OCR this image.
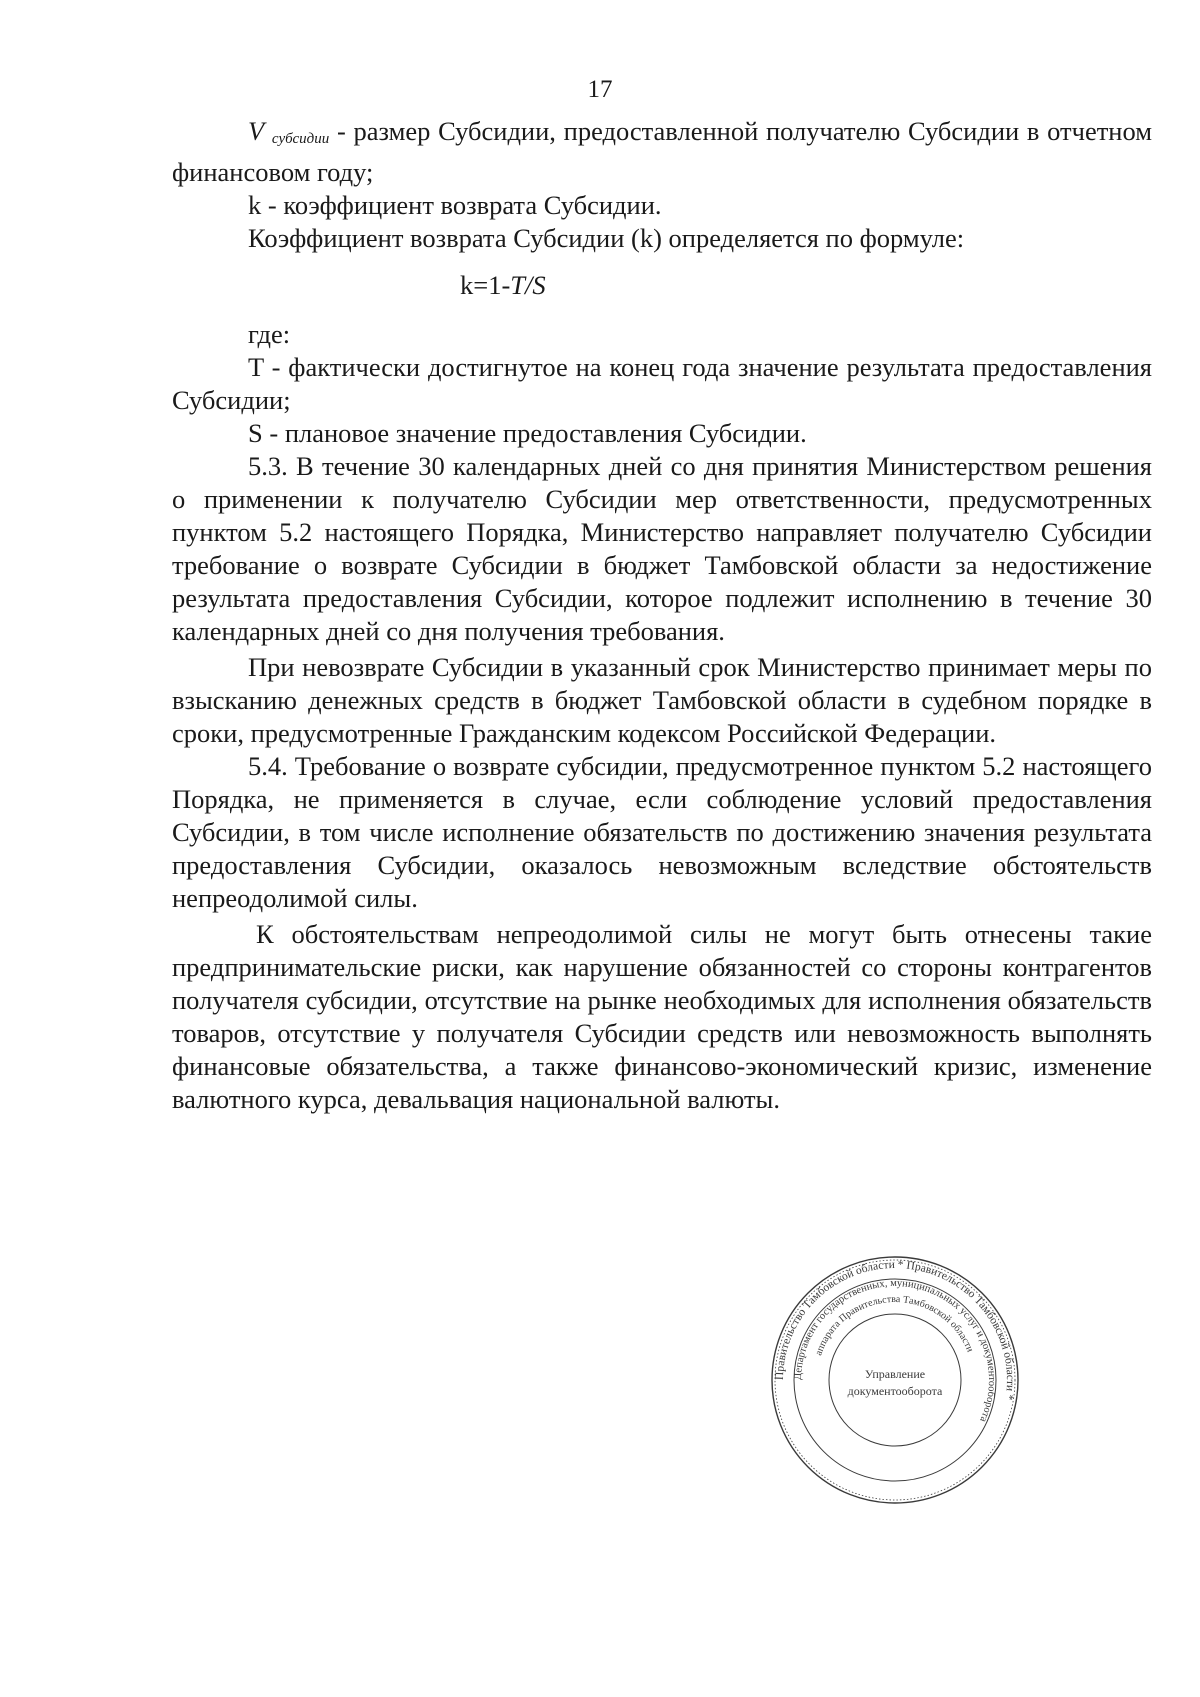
17

V $_{субсидии}$ - размер Субсидии, предоставленной получателю Субсидии в отчетном финансовом году;

k - коэффициент возврата Субсидии.

Коэффициент возврата Субсидии (k) определяется по формуле:

k=1-T/S

где:

T - фактически достигнутое на конец года значение результата предоставления Субсидии;

S - плановое значение предоставления Субсидии.

5.3. В течение 30 календарных дней со дня принятия Министерством решения о применении к получателю Субсидии мер ответственности, предусмотренных пунктом 5.2 настоящего Порядка, Министерство направляет получателю Субсидии требование о возврате Субсидии в бюджет Тамбовской области за недостижение результата предоставления Субсидии, которое подлежит исполнению в течение 30 календарных дней со дня получения требования.

При невозврате Субсидии в указанный срок Министерство принимает меры по взысканию денежных средств в бюджет Тамбовской области в судебном порядке в сроки, предусмотренные Гражданским кодексом Российской Федерации.

5.4. Требование о возврате субсидии, предусмотренное пунктом 5.2 настоящего Порядка, не применяется в случае, если соблюдение условий предоставления Субсидии, в том числе исполнение обязательств по достижению значения результата предоставления Субсидии, оказалось невозможным вследствие обстоятельств непреодолимой силы.

К обстоятельствам непреодолимой силы не могут быть отнесены такие предпринимательские риски, как нарушение обязанностей со стороны контрагентов получателя субсидии, отсутствие на рынке необходимых для исполнения обязательств товаров, отсутствие у получателя Субсидии средств или невозможность выполнять финансовые обязательства, а также финансово-экономический кризис, изменение валютного курса, девальвация национальной валюты.

Правительство Тамбовской области * Правительство Тамбовской области *
Департамент государственных, муниципальных услуг и документооборота
аппарата Правительства Тамбовской области
Управление
документооборота
